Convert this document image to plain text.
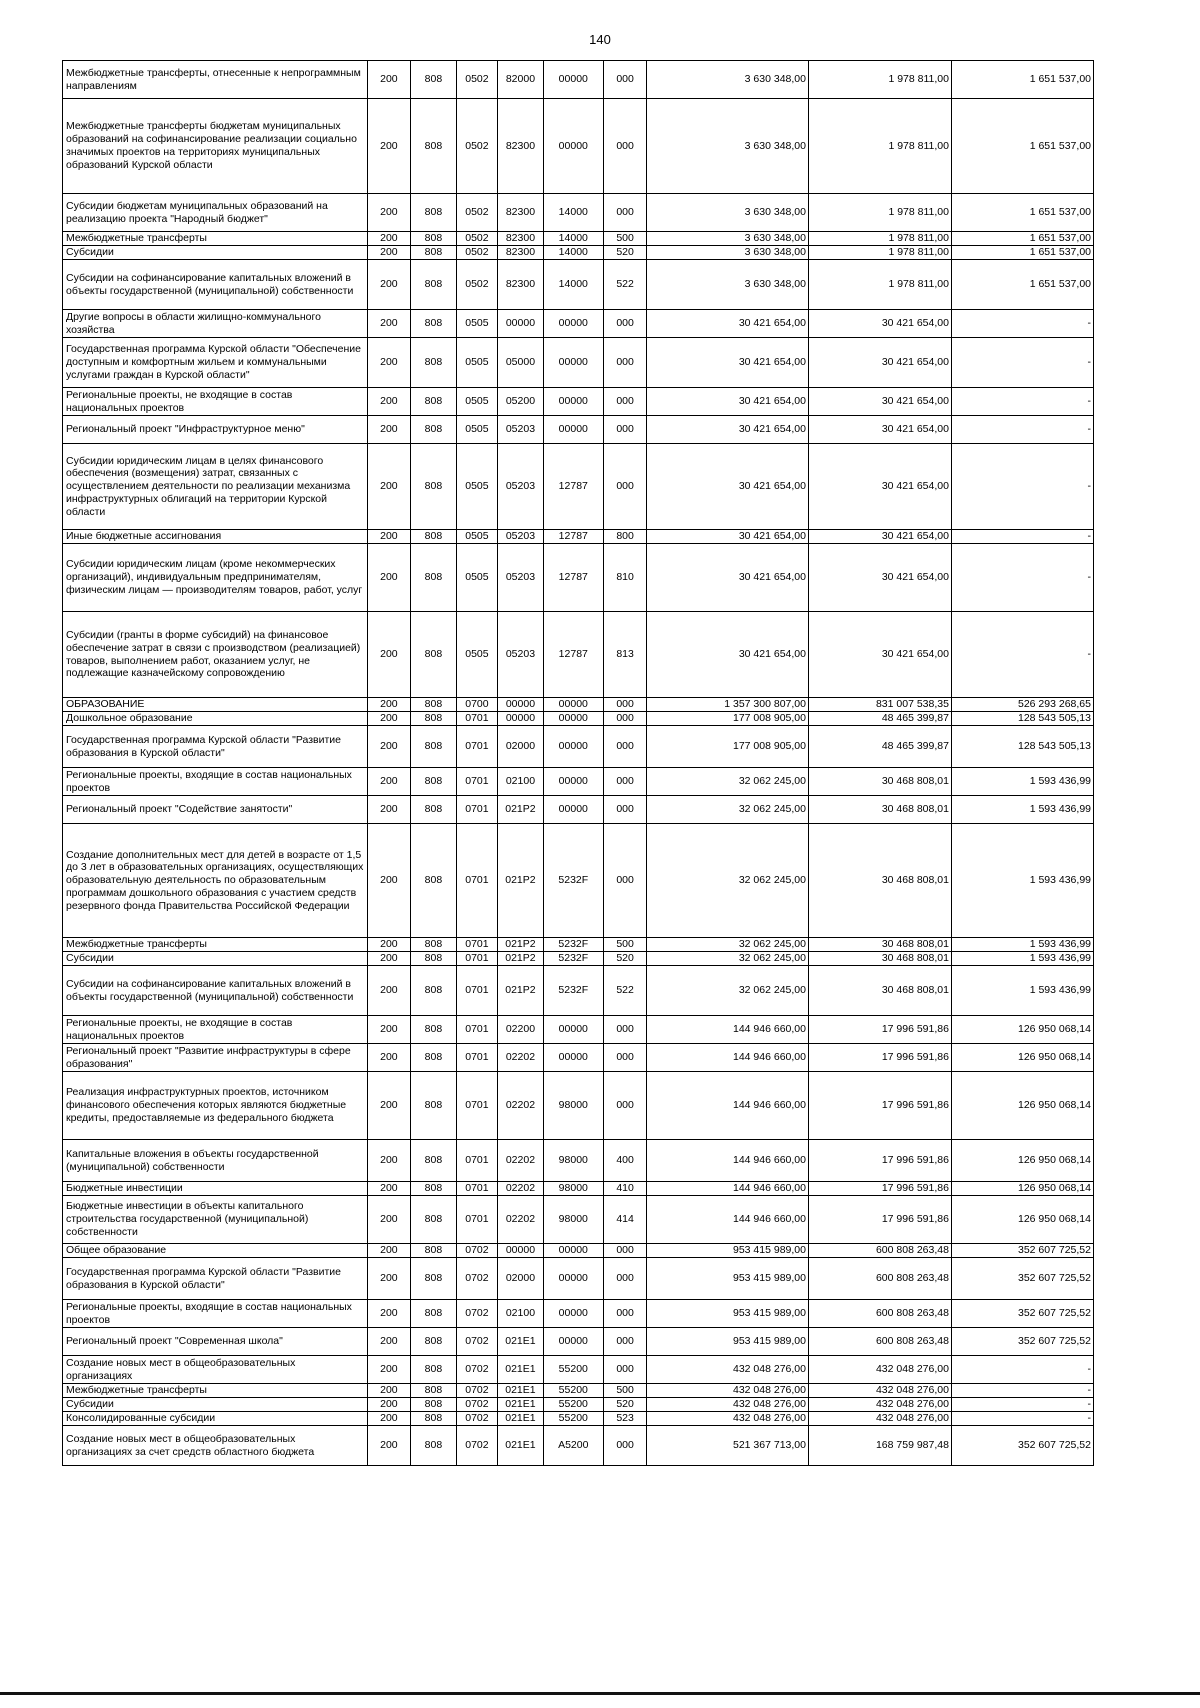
140
Межбюджетные трансферты, отнесенные к непрограммным направлениям	200	808	0502	82000	00000	000	3 630 348,00	1 978 811,00	1 651 537,00
Межбюджетные трансферты бюджетам муниципальных образований на софинансирование реализации социально значимых проектов на территориях муниципальных образований Курской области	200	808	0502	82300	00000	000	3 630 348,00	1 978 811,00	1 651 537,00
Субсидии бюджетам муниципальных образований на реализацию проекта "Народный бюджет"	200	808	0502	82300	14000	000	3 630 348,00	1 978 811,00	1 651 537,00
Межбюджетные трансферты	200	808	0502	82300	14000	500	3 630 348,00	1 978 811,00	1 651 537,00
Субсидии	200	808	0502	82300	14000	520	3 630 348,00	1 978 811,00	1 651 537,00
Субсидии на софинансирование капитальных вложений в объекты государственной (муниципальной) собственности	200	808	0502	82300	14000	522	3 630 348,00	1 978 811,00	1 651 537,00
Другие вопросы в области жилищно-коммунального хозяйства	200	808	0505	00000	00000	000	30 421 654,00	30 421 654,00	-
Государственная программа Курской области "Обеспечение доступным и комфортным жильем и коммунальными услугами граждан в Курской области"	200	808	0505	05000	00000	000	30 421 654,00	30 421 654,00	-
Региональные проекты, не входящие в состав национальных проектов	200	808	0505	05200	00000	000	30 421 654,00	30 421 654,00	-
Региональный проект "Инфраструктурное меню"	200	808	0505	05203	00000	000	30 421 654,00	30 421 654,00	-
Субсидии юридическим лицам в целях финансового обеспечения (возмещения) затрат, связанных с осуществлением деятельности по реализации механизма инфраструктурных облигаций на территории Курской области	200	808	0505	05203	12787	000	30 421 654,00	30 421 654,00	-
Иные бюджетные ассигнования	200	808	0505	05203	12787	800	30 421 654,00	30 421 654,00	-
Субсидии юридическим лицам (кроме некоммерческих организаций), индивидуальным предпринимателям, физическим лицам — производителям товаров, работ, услуг	200	808	0505	05203	12787	810	30 421 654,00	30 421 654,00	-
Субсидии (гранты в форме субсидий) на финансовое обеспечение затрат в связи с производством (реализацией) товаров, выполнением работ, оказанием услуг, не подлежащие казначейскому сопровождению	200	808	0505	05203	12787	813	30 421 654,00	30 421 654,00	-
ОБРАЗОВАНИЕ	200	808	0700	00000	00000	000	1 357 300 807,00	831 007 538,35	526 293 268,65
Дошкольное образование	200	808	0701	00000	00000	000	177 008 905,00	48 465 399,87	128 543 505,13
Государственная программа Курской области "Развитие образования в Курской области"	200	808	0701	02000	00000	000	177 008 905,00	48 465 399,87	128 543 505,13
Региональные проекты, входящие в состав национальных проектов	200	808	0701	02100	00000	000	32 062 245,00	30 468 808,01	1 593 436,99
Региональный проект "Содействие занятости"	200	808	0701	021P2	00000	000	32 062 245,00	30 468 808,01	1 593 436,99
Создание дополнительных мест для детей в возрасте от 1,5 до 3 лет в образовательных организациях, осуществляющих образовательную деятельность по образовательным программам дошкольного образования с участием средств резервного фонда Правительства Российской Федерации	200	808	0701	021P2	5232F	000	32 062 245,00	30 468 808,01	1 593 436,99
Межбюджетные трансферты	200	808	0701	021P2	5232F	500	32 062 245,00	30 468 808,01	1 593 436,99
Субсидии	200	808	0701	021P2	5232F	520	32 062 245,00	30 468 808,01	1 593 436,99
Субсидии на софинансирование капитальных вложений в объекты государственной (муниципальной) собственности	200	808	0701	021P2	5232F	522	32 062 245,00	30 468 808,01	1 593 436,99
Региональные проекты, не входящие в состав национальных проектов	200	808	0701	02200	00000	000	144 946 660,00	17 996 591,86	126 950 068,14
Региональный проект "Развитие инфраструктуры в сфере образования"	200	808	0701	02202	00000	000	144 946 660,00	17 996 591,86	126 950 068,14
Реализация инфраструктурных проектов, источником финансового обеспечения которых являются бюджетные кредиты, предоставляемые из федерального бюджета	200	808	0701	02202	98000	000	144 946 660,00	17 996 591,86	126 950 068,14
Капитальные вложения в объекты государственной (муниципальной) собственности	200	808	0701	02202	98000	400	144 946 660,00	17 996 591,86	126 950 068,14
Бюджетные инвестиции	200	808	0701	02202	98000	410	144 946 660,00	17 996 591,86	126 950 068,14
Бюджетные инвестиции в объекты капитального строительства государственной (муниципальной) собственности	200	808	0701	02202	98000	414	144 946 660,00	17 996 591,86	126 950 068,14
Общее образование	200	808	0702	00000	00000	000	953 415 989,00	600 808 263,48	352 607 725,52
Государственная программа Курской области "Развитие образования в Курской области"	200	808	0702	02000	00000	000	953 415 989,00	600 808 263,48	352 607 725,52
Региональные проекты, входящие в состав национальных проектов	200	808	0702	02100	00000	000	953 415 989,00	600 808 263,48	352 607 725,52
Региональный проект "Современная школа"	200	808	0702	021E1	00000	000	953 415 989,00	600 808 263,48	352 607 725,52
Создание новых мест в общеобразовательных организациях	200	808	0702	021E1	55200	000	432 048 276,00	432 048 276,00	-
Межбюджетные трансферты	200	808	0702	021E1	55200	500	432 048 276,00	432 048 276,00	-
Субсидии	200	808	0702	021E1	55200	520	432 048 276,00	432 048 276,00	-
Консолидированные субсидии	200	808	0702	021E1	55200	523	432 048 276,00	432 048 276,00	-
Создание новых мест в общеобразовательных организациях за счет средств областного бюджета	200	808	0702	021E1	A5200	000	521 367 713,00	168 759 987,48	352 607 725,52
